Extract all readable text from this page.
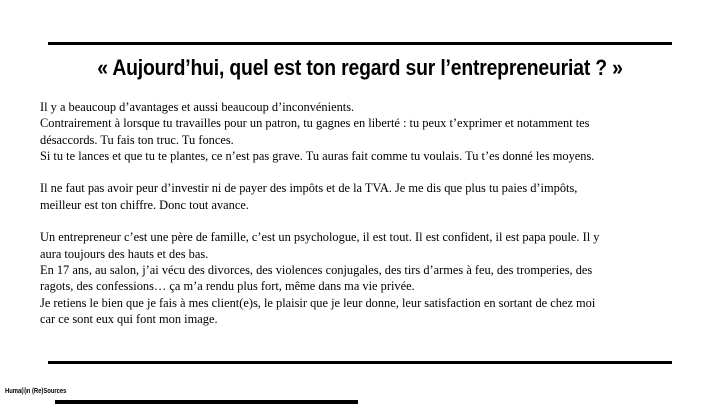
« Aujourd’hui, quel est ton regard sur l’entrepreneuriat ? »
Il y a beaucoup d’avantages et aussi beaucoup d’inconvénients.
Contrairement à lorsque tu travailles pour un patron, tu gagnes en liberté : tu peux t’exprimer et notamment tes
désaccords. Tu fais ton truc. Tu fonces.
Si tu te lances et que tu te plantes, ce n’est pas grave. Tu auras fait comme tu voulais. Tu t’es donné les moyens.
Il ne faut pas avoir peur d’investir ni de payer des impôts et de la TVA. Je me dis que plus tu paies d’impôts,
meilleur est ton chiffre. Donc tout avance.
Un entrepreneur c’est une père de famille, c’est un psychologue, il est tout. Il est confident, il est papa poule. Il y
aura toujours des hauts et des bas.
En 17 ans, au salon, j’ai vécu des divorces, des violences conjugales, des tirs d’armes à feu, des tromperies, des
ragots, des confessions… ça m’a rendu plus fort, même dans ma vie privée.
Je retiens le bien que je fais à mes client(e)s, le plaisir que je leur donne, leur satisfaction en sortant de chez moi
car ce sont eux qui font mon image.
Huma(i)n (Re)Sources
